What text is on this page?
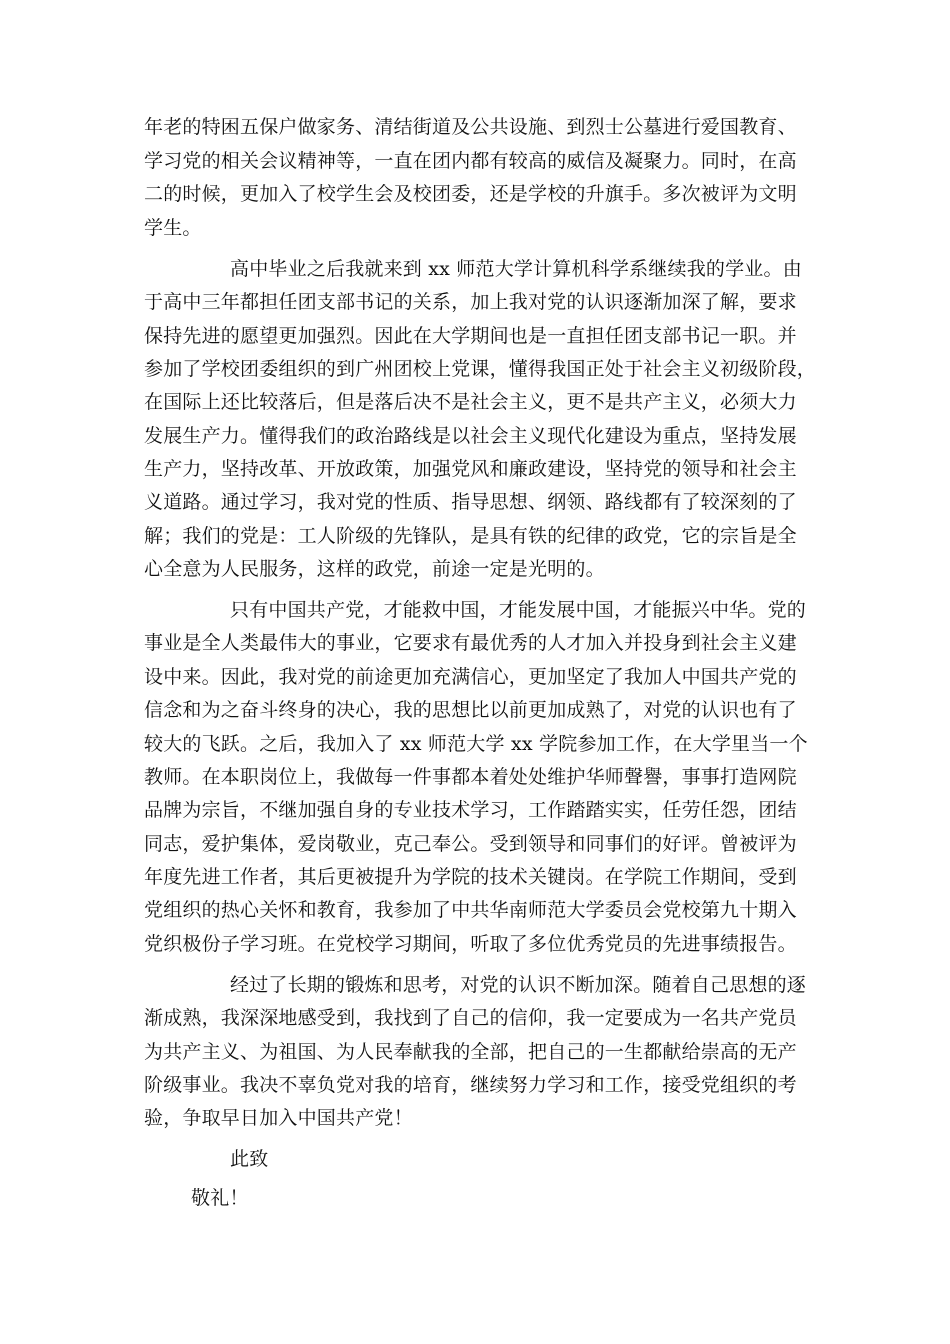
年老的特困五保户做家务、清结街道及公共设施、到烈士公墓进行爱国教育、
学习党的相关会议精神等，一直在团内都有较高的威信及凝聚力。同时，在高
二的时候，更加入了校学生会及校团委，还是学校的升旗手。多次被评为文明
学生。
高中毕业之后我就来到 xx 师范大学计算机科学系继续我的学业。由
于高中三年都担任团支部书记的关系，加上我对党的认识逐渐加深了解，要求
保持先进的愿望更加强烈。因此在大学期间也是一直担任团支部书记一职。并
参加了学校团委组织的到广州团校上党课，懂得我国正处于社会主义初级阶段，
在国际上还比较落后，但是落后决不是社会主义，更不是共产主义，必须大力
发展生产力。懂得我们的政治路线是以社会主义现代化建设为重点，坚持发展
生产力，坚持改革、开放政策，加强党风和廉政建设，坚持党的领导和社会主
义道路。通过学习，我对党的性质、指导思想、纲领、路线都有了较深刻的了
解；我们的党是：工人阶级的先锋队，是具有铁的纪律的政党，它的宗旨是全
心全意为人民服务，这样的政党，前途一定是光明的。
只有中国共产党，才能救中国，才能发展中国，才能振兴中华。党的
事业是全人类最伟大的事业，它要求有最优秀的人才加入并投身到社会主义建
设中来。因此，我对党的前途更加充满信心，更加坚定了我加人中国共产党的
信念和为之奋斗终身的决心，我的思想比以前更加成熟了，对党的认识也有了
较大的飞跃。之后，我加入了 xx 师范大学 xx 学院参加工作，在大学里当一个
教师。在本职岗位上，我做每一件事都本着处处维护华师聲譽，事事打造网院
品牌为宗旨，不继加强自身的专业技术学习，工作踏踏实实，任劳任怨，团结
同志，爱护集体，爱岗敬业，克己奉公。受到领导和同事们的好评。曾被评为
年度先进工作者，其后更被提升为学院的技术关键岗。在学院工作期间，受到
党组织的热心关怀和教育，我参加了中共华南师范大学委员会党校第九十期入
党织极份子学习班。在党校学习期间，听取了多位优秀党员的先进事绩报告。
经过了长期的锻炼和思考，对党的认识不断加深。随着自己思想的逐
渐成熟，我深深地感受到，我找到了自己的信仰，我一定要成为一名共产党员
为共产主义、为祖国、为人民奉献我的全部，把自己的一生都献给崇高的无产
阶级事业。我决不辜负党对我的培育，继续努力学习和工作，接受党组织的考
验，争取早日加入中国共产党！
此致
敬礼！
